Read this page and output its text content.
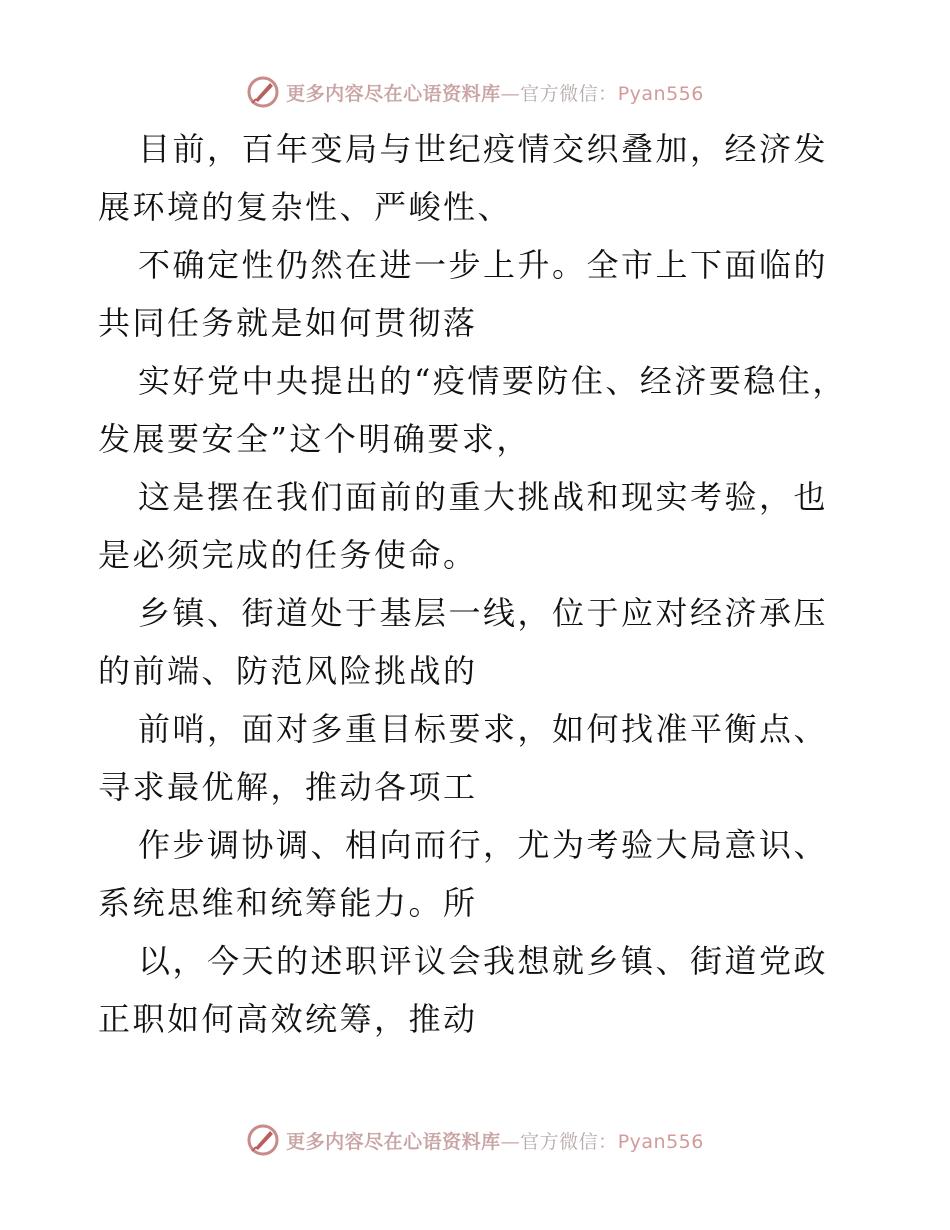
更多内容尽在心语资料库—官方微信：Pyan556

目前，百年变局与世纪疫情交织叠加，经济发展环境的复杂性、严峻性、

不确定性仍然在进一步上升。全市上下面临的共同任务就是如何贯彻落

实好党中央提出的“疫情要防住、经济要稳住，发展要安全”这个明确要求，

这是摆在我们面前的重大挑战和现实考验，也是必须完成的任务使命。

乡镇、街道处于基层一线，位于应对经济承压的前端、防范风险挑战的

前哨，面对多重目标要求，如何找准平衡点、寻求最优解，推动各项工

作步调协调、相向而行，尤为考验大局意识、系统思维和统筹能力。所

以，今天的述职评议会我想就乡镇、街道党政正职如何高效统筹，推动

更多内容尽在心语资料库—官方微信：Pyan556
